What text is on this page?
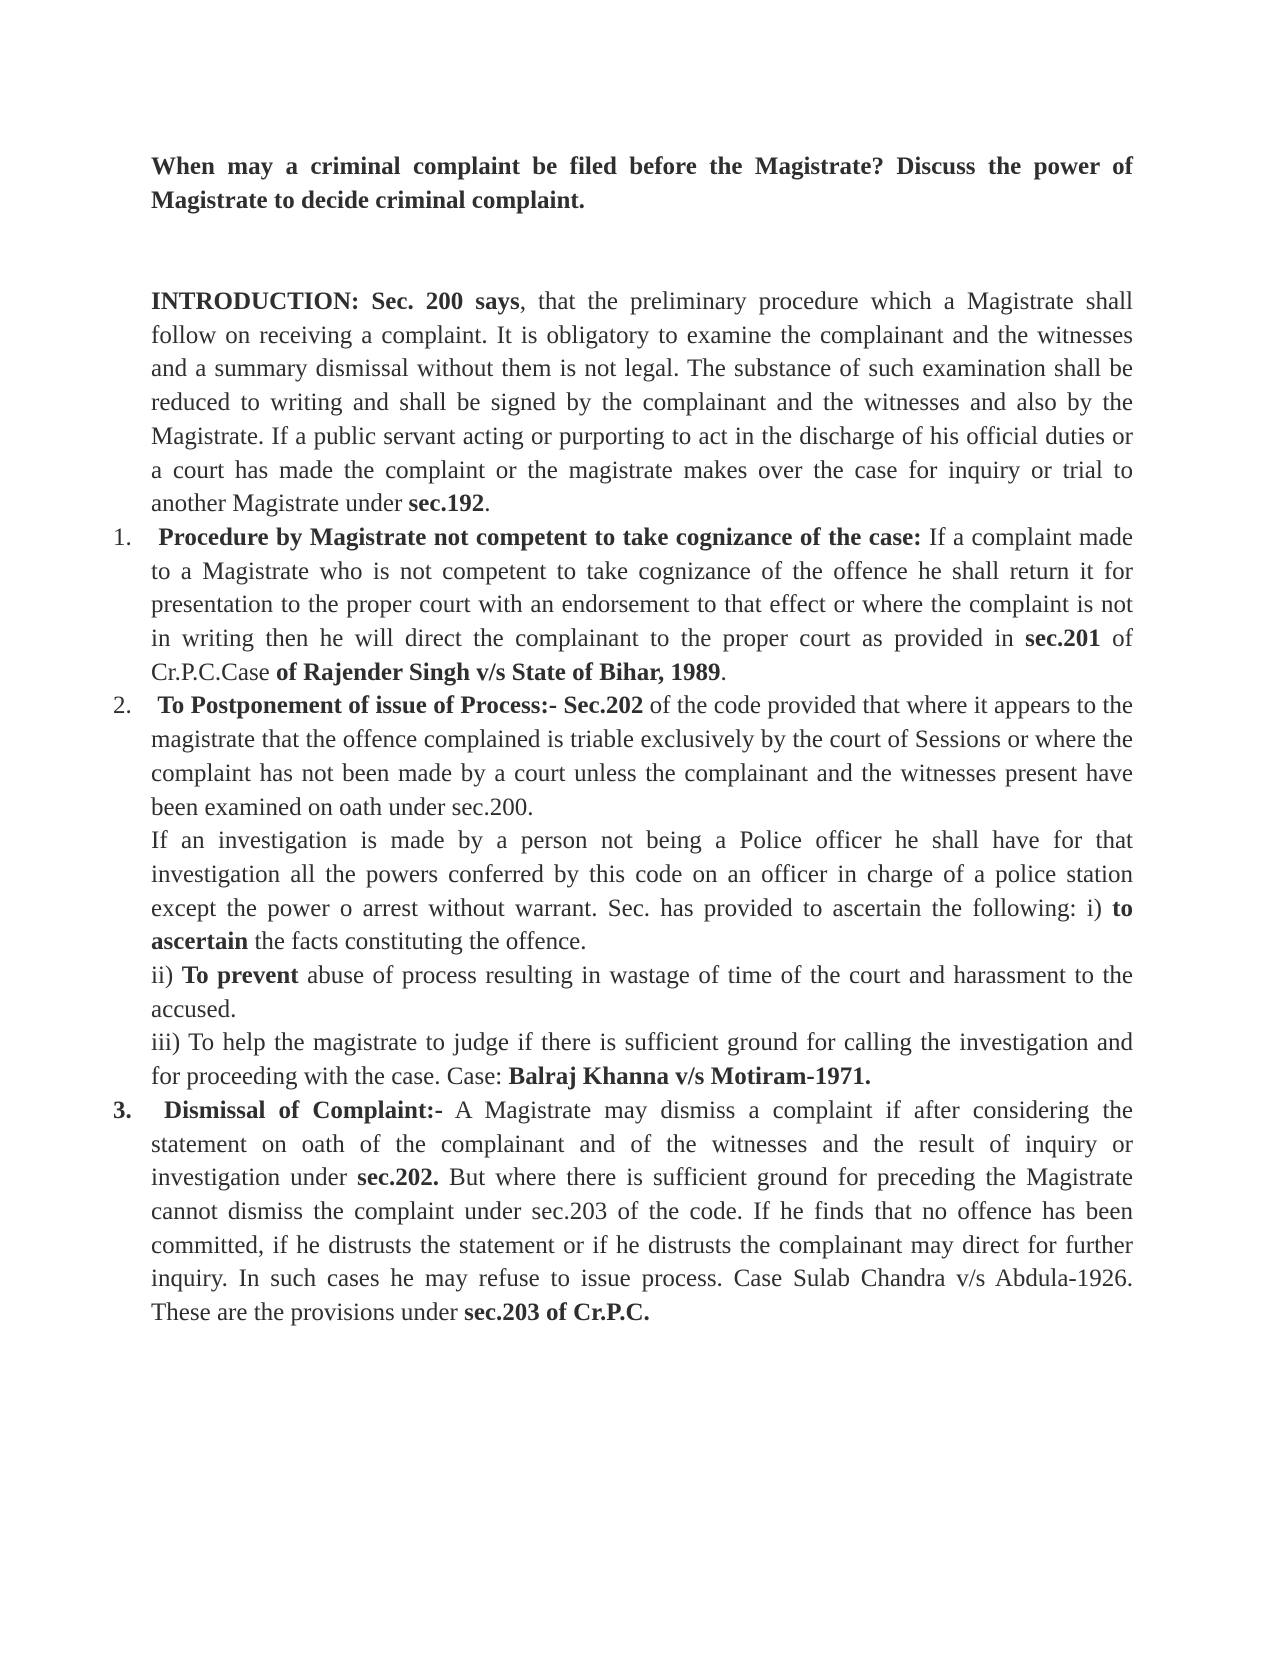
When may a criminal complaint be filed before the Magistrate? Discuss the power of Magistrate to decide criminal complaint.

INTRODUCTION: Sec. 200 says, that the preliminary procedure which a Magistrate shall follow on receiving a complaint. It is obligatory to examine the complainant and the witnesses and a summary dismissal without them is not legal. The substance of such examination shall be reduced to writing and shall be signed by the complainant and the witnesses and also by the Magistrate. If a public servant acting or purporting to act in the discharge of his official duties or a court has made the complaint or the magistrate makes over the case for inquiry or trial to another Magistrate under sec.192.

1. Procedure by Magistrate not competent to take cognizance of the case: If a complaint made to a Magistrate who is not competent to take cognizance of the offence he shall return it for presentation to the proper court with an endorsement to that effect or where the complaint is not in writing then he will direct the complainant to the proper court as provided in sec.201 of Cr.P.C.Case of Rajender Singh v/s State of Bihar, 1989.

2. To Postponement of issue of Process:- Sec.202 of the code provided that where it appears to the magistrate that the offence complained is triable exclusively by the court of Sessions or where the complaint has not been made by a court unless the complainant and the witnesses present have been examined on oath under sec.200.

If an investigation is made by a person not being a Police officer he shall have for that investigation all the powers conferred by this code on an officer in charge of a police station except the power o arrest without warrant. Sec. has provided to ascertain the following: i) to ascertain the facts constituting the offence.

ii) To prevent abuse of process resulting in wastage of time of the court and harassment to the accused.

iii) To help the magistrate to judge if there is sufficient ground for calling the investigation and for proceeding with the case. Case: Balraj Khanna v/s Motiram-1971.

3.	Dismissal of Complaint:- A Magistrate may dismiss a complaint if after considering the statement on oath of the complainant and of the witnesses and the result of inquiry or investigation under sec.202. But where there is sufficient ground for preceding the Magistrate cannot dismiss the complaint under sec.203 of the code. If he finds that no offence has been committed, if he distrusts the statement or if he distrusts the complainant may direct for further inquiry. In such cases he may refuse to issue process. Case Sulab Chandra v/s Abdula-1926. These are the provisions under sec.203 of Cr.P.C.
